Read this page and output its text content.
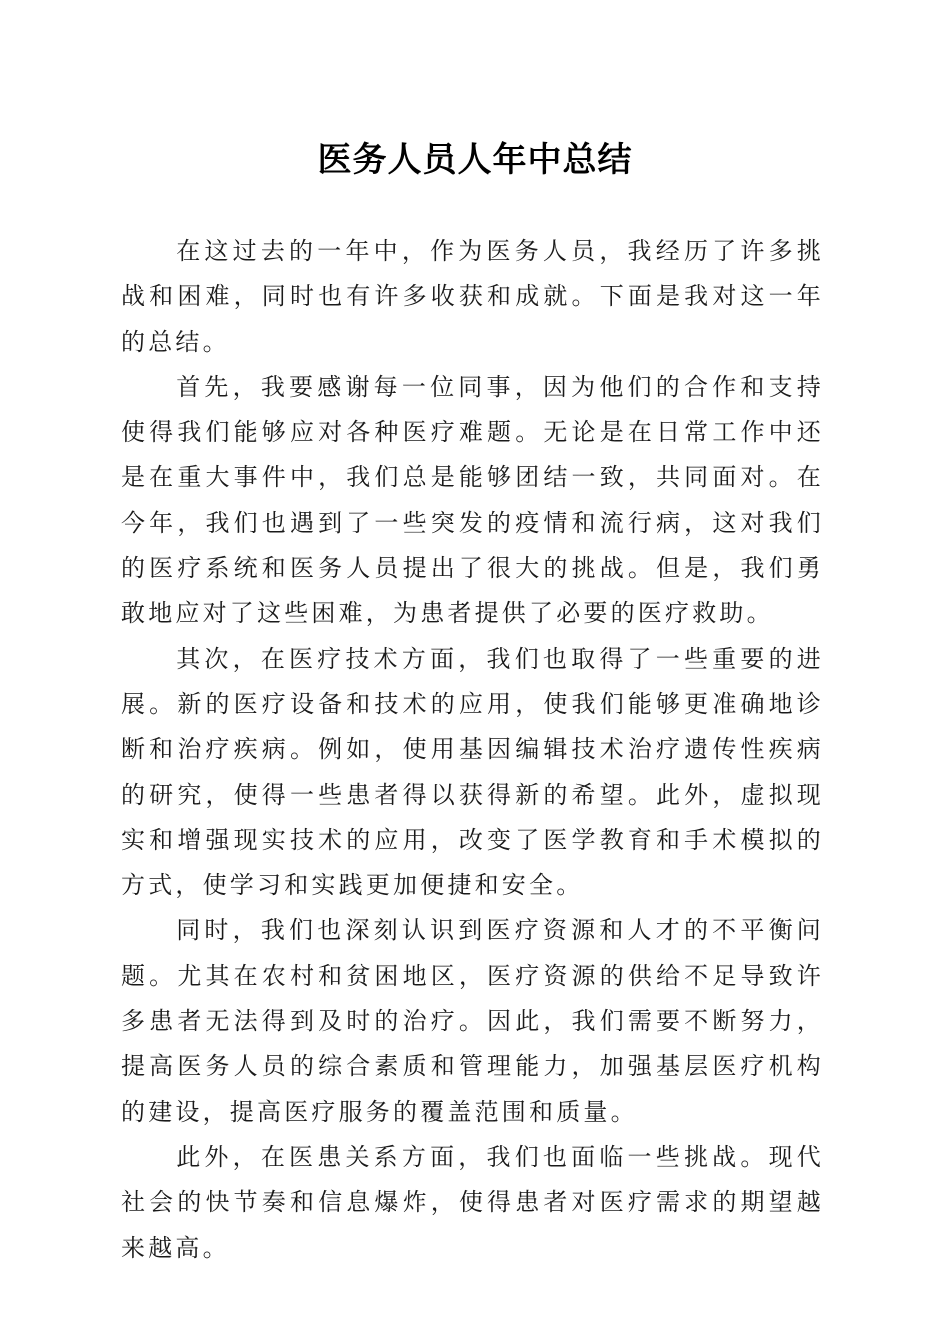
医务人员人年中总结

在这过去的一年中，作为医务人员，我经历了许多挑战和困难，同时也有许多收获和成就。下面是我对这一年的总结。

首先，我要感谢每一位同事，因为他们的合作和支持使得我们能够应对各种医疗难题。无论是在日常工作中还是在重大事件中，我们总是能够团结一致，共同面对。在今年，我们也遇到了一些突发的疫情和流行病，这对我们的医疗系统和医务人员提出了很大的挑战。但是，我们勇敢地应对了这些困难，为患者提供了必要的医疗救助。

其次，在医疗技术方面，我们也取得了一些重要的进展。新的医疗设备和技术的应用，使我们能够更准确地诊断和治疗疾病。例如，使用基因编辑技术治疗遗传性疾病的研究，使得一些患者得以获得新的希望。此外，虚拟现实和增强现实技术的应用，改变了医学教育和手术模拟的方式，使学习和实践更加便捷和安全。

同时，我们也深刻认识到医疗资源和人才的不平衡问题。尤其在农村和贫困地区，医疗资源的供给不足导致许多患者无法得到及时的治疗。因此，我们需要不断努力，提高医务人员的综合素质和管理能力，加强基层医疗机构的建设，提高医疗服务的覆盖范围和质量。

此外，在医患关系方面，我们也面临一些挑战。现代社会的快节奏和信息爆炸，使得患者对医疗需求的期望越来越高。
